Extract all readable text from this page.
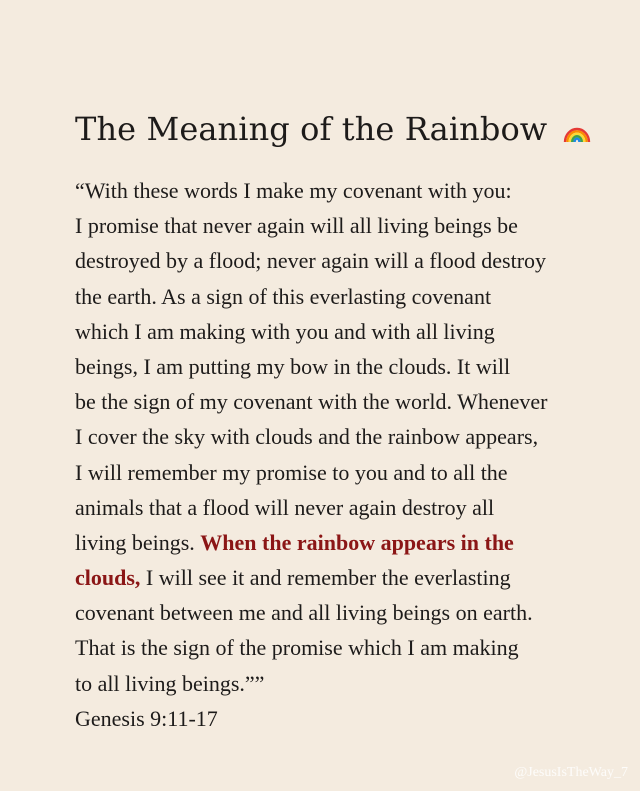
The Meaning of the Rainbow
“With these words I make my covenant with you:
I promise that never again will all living beings be
destroyed by a flood; never again will a flood destroy
the earth. As a sign of this everlasting covenant
which I am making with you and with all living
beings, I am putting my bow in the clouds. It will
be the sign of my covenant with the world. Whenever
I cover the sky with clouds and the rainbow appears,
I will remember my promise to you and to all the
animals that a flood will never again destroy all
living beings. When the rainbow appears in the
clouds, I will see it and remember the everlasting
covenant between me and all living beings on earth.
That is the sign of the promise which I am making
to all living beings.””
Genesis 9:11-17
@JesusIsTheWay_7
